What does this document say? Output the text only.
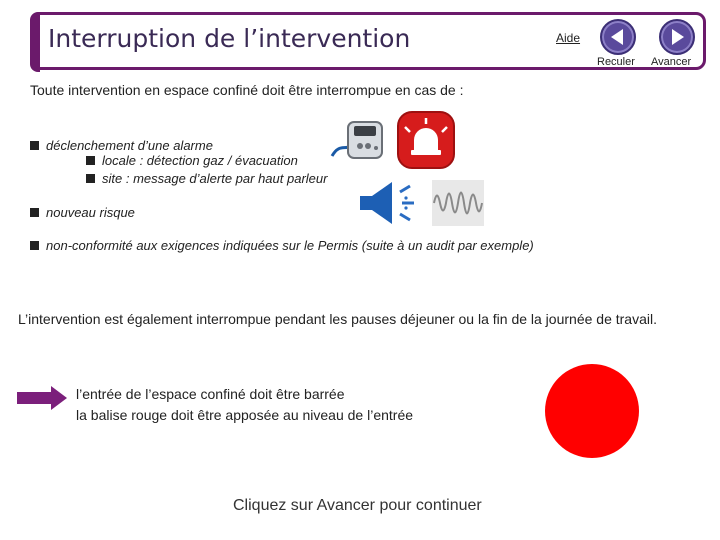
Interruption de l’intervention	Aide
Reculer Avancer
Toute intervention en espace confiné doit être interrompue en cas de :
déclenchement d’une alarme
locale : détection gaz / évacuation
site : message d’alerte par haut parleur
nouveau risque
non-conformité aux exigences indiquées sur le Permis (suite à un audit par exemple)
L’intervention est également interrompue pendant les pauses déjeuner ou la fin de la journée de travail.
l’entrée de l’espace confiné doit être barrée
la balise rouge doit être apposée au niveau de l’entrée
Cliquez sur Avancer pour continuer
